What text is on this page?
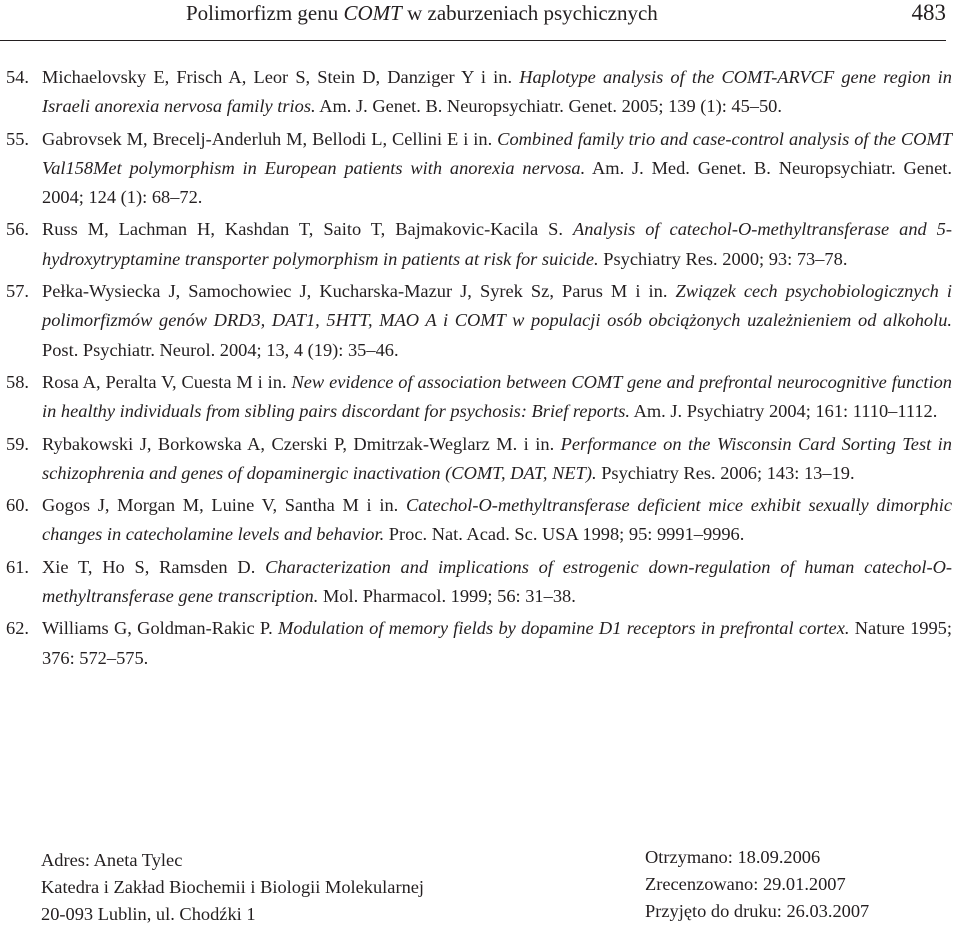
Polimorfizm genu COMT w zaburzeniach psychicznych	483
54. Michaelovsky E, Frisch A, Leor S, Stein D, Danziger Y i in. Haplotype analysis of the COMT-ARVCF gene region in Israeli anorexia nervosa family trios. Am. J. Genet. B. Neuropsychiatr. Genet. 2005; 139 (1): 45–50.
55. Gabrovsek M, Brecelj-Anderluh M, Bellodi L, Cellini E i in. Combined family trio and case-control analysis of the COMT Val158Met polymorphism in European patients with anorexia nervosa. Am. J. Med. Genet. B. Neuropsychiatr. Genet. 2004; 124 (1): 68–72.
56. Russ M, Lachman H, Kashdan T, Saito T, Bajmakovic-Kacila S. Analysis of catechol-O-methyltransferase and 5-hydroxytryptamine transporter polymorphism in patients at risk for suicide. Psychiatry Res. 2000; 93: 73–78.
57. Pełka-Wysiecka J, Samochowiec J, Kucharska-Mazur J, Syrek Sz, Parus M i in. Związek cech psychobiologicznych i polimorfizmów genów DRD3, DAT1, 5HTT, MAO A i COMT w populacji osób obciążonych uzależnieniem od alkoholu. Post. Psychiatr. Neurol. 2004; 13, 4 (19): 35–46.
58. Rosa A, Peralta V, Cuesta M i in. New evidence of association between COMT gene and prefrontal neurocognitive function in healthy individuals from sibling pairs discordant for psychosis: Brief reports. Am. J. Psychiatry 2004; 161: 1110–1112.
59. Rybakowski J, Borkowska A, Czerski P, Dmitrzak-Weglarz M. i in. Performance on the Wisconsin Card Sorting Test in schizophrenia and genes of dopaminergic inactivation (COMT, DAT, NET). Psychiatry Res. 2006; 143: 13–19.
60. Gogos J, Morgan M, Luine V, Santha M i in. Catechol-O-methyltransferase deficient mice exhibit sexually dimorphic changes in catecholamine levels and behavior. Proc. Nat. Acad. Sc. USA 1998; 95: 9991–9996.
61. Xie T, Ho S, Ramsden D. Characterization and implications of estrogenic down-regulation of human catechol-O-methyltransferase gene transcription. Mol. Pharmacol. 1999; 56: 31–38.
62. Williams G, Goldman-Rakic P. Modulation of memory fields by dopamine D1 receptors in prefrontal cortex. Nature 1995; 376: 572–575.
Adres: Aneta Tylec
Katedra i Zakład Biochemii i Biologii Molekularnej
20-093 Lublin, ul. Chodźki 1
Otrzymano: 18.09.2006
Zrecenzowano: 29.01.2007
Przyjęto do druku: 26.03.2007
